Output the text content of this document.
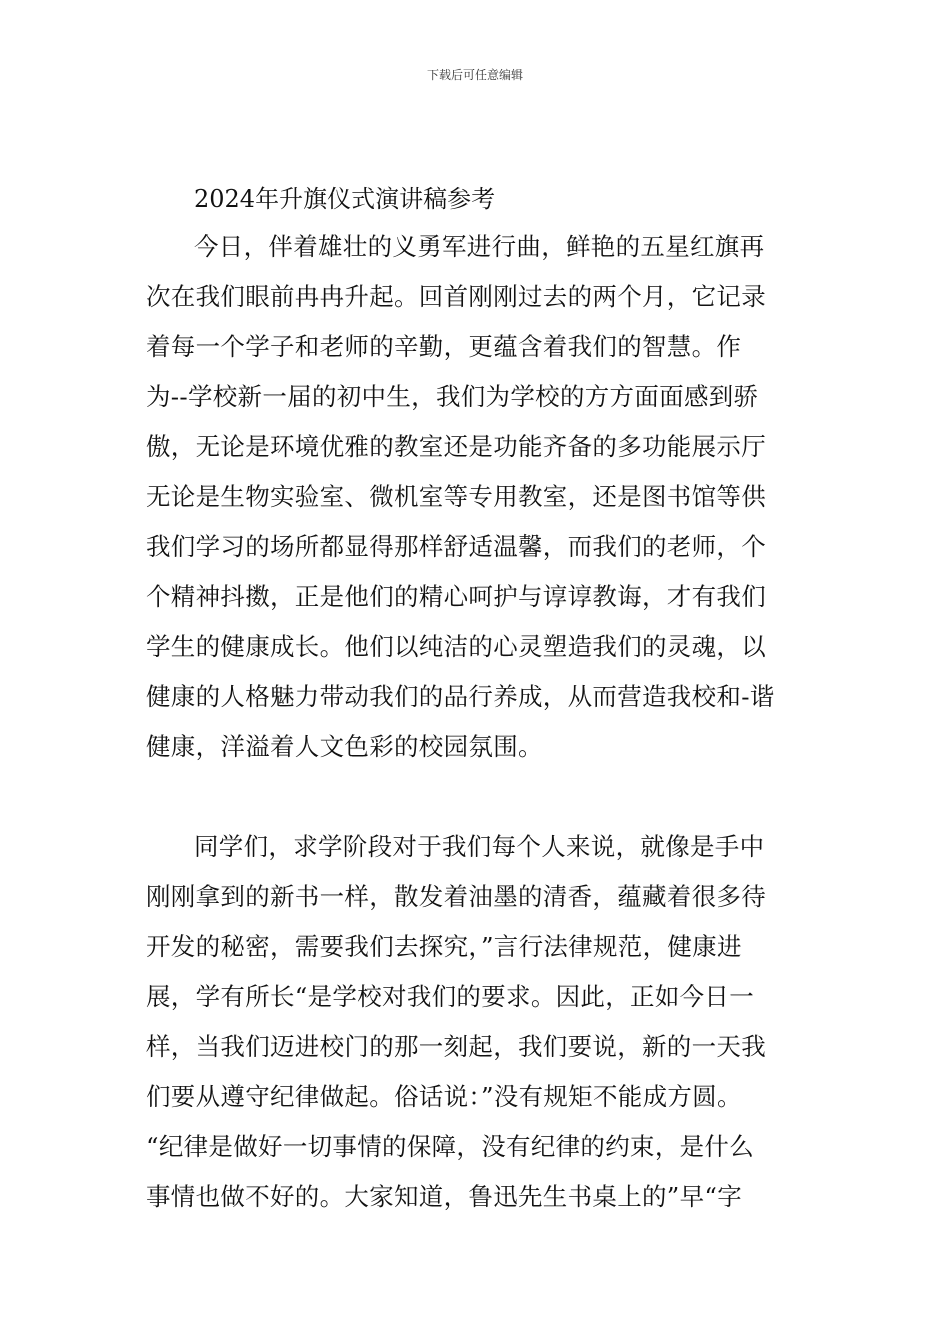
下载后可任意编辑
2024年升旗仪式演讲稿参考
今日，伴着雄壮的义勇军进行曲，鲜艳的五星红旗再
次在我们眼前冉冉升起。回首刚刚过去的两个月，它记录
着每一个学子和老师的辛勤，更蕴含着我们的智慧。作
为--学校新一届的初中生，我们为学校的方方面面感到骄
傲，无论是环境优雅的教室还是功能齐备的多功能展示厅
无论是生物实验室、微机室等专用教室，还是图书馆等供
我们学习的场所都显得那样舒适温馨，而我们的老师，个
个精神抖擞，正是他们的精心呵护与谆谆教诲，才有我们
学生的健康成长。他们以纯洁的心灵塑造我们的灵魂，以
健康的人格魅力带动我们的品行养成，从而营造我校和-谐
健康，洋溢着人文色彩的校园氛围。
同学们，求学阶段对于我们每个人来说，就像是手中
刚刚拿到的新书一样，散发着油墨的清香，蕴藏着很多待
开发的秘密，需要我们去探究，”言行法律规范，健康进
展，学有所长“是学校对我们的要求。因此，正如今日一
样，当我们迈进校门的那一刻起，我们要说，新的一天我
们要从遵守纪律做起。俗话说：”没有规矩不能成方圆。
“纪律是做好一切事情的保障，没有纪律的约束，是什么
事情也做不好的。大家知道，鲁迅先生书桌上的”早“字
